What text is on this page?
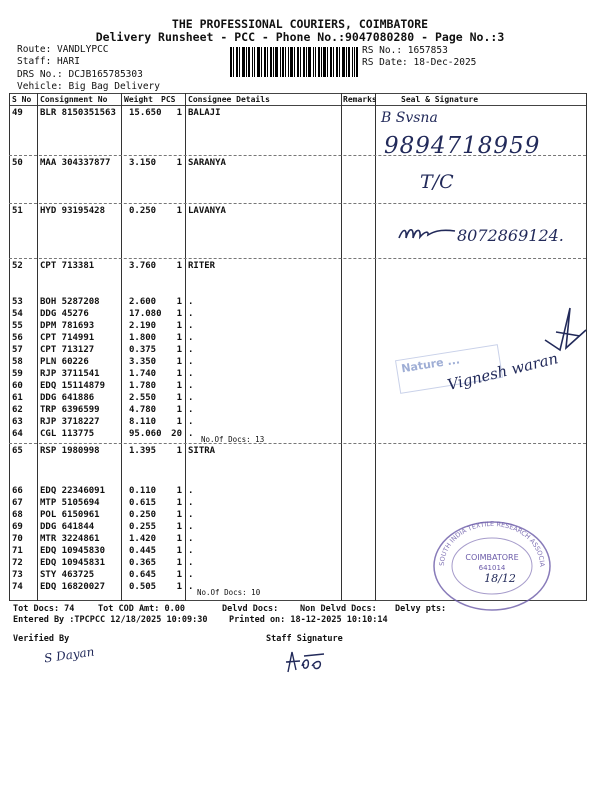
THE PROFESSIONAL COURIERS, COIMBATORE
Delivery Runsheet - PCC - Phone No.:9047080280 - Page No.:3
Route: VANDLYPCC
Staff: HARI
DRS No.: DCJB165785303
Vehicle: Big Bag Delivery
RS No.: 1657853
RS Date: 18-Dec-2025
S No Consignment No Weight PCS Consignee Details	Remarks	Seal & Signature
49 BLR 8150351563 15.650 1 BALAJI
50 MAA 304337877 3.150 1 SARANYA
51 HYD 93195428	0.250 1 LAVANYA
52 CPT 713381	3.760 1 RITER
53 BOH 5287208	2.600 1 .
54 DDG 45276	17.080 1 .
55 DPM 781693	2.190 1 .
56 CPT 714991	1.800 1 .
57 CPT 713127	0.375 1 .
58 PLN 60226	3.350 1 .
59 RJP 3711541	1.740 1 .
60 EDQ 15114879	1.780 1 .
61 DDG 641886	2.550 1 .
62 TRP 6396599	4.780 1 .
63 RJP 3718227	8.110 1 .
64 CGL 113775	95.060 20 .
65 RSP 1980998	1.395 1 SITRA
66 EDQ 22346091	0.110 1 .
67 MTP 5105694	0.615 1 .
68 POL 6150961	0.250 1 .
69 DDG 641844	0.255 1 .
70 MTR 3224861	1.420 1 .
71 EDQ 10945830	0.445 1 .
72 EDQ 10945831	0.365 1 .
73 STY 463725	0.645 1 .
74 EDQ 16820027	0.505 1 .
No.Of Docs: 13
No.Of Docs: 10
B Svsna
9894718959
T/C
8072869124.
Nature ...
Vignesh waran
SOUTH INDIA TEXTILE RESEARCH ASSOCIATION
COIMBATORE
641014
18/12
Tot Docs: 74	Tot COD Amt: 0.00	Delvd Docs:	Non Delvd Docs: Delvy pts:
Entered By :TPCPCC 12/18/2025 10:09:30	Printed on: 18-12-2025 10:10:14
Verified By	Staff Signature
S Dayan
